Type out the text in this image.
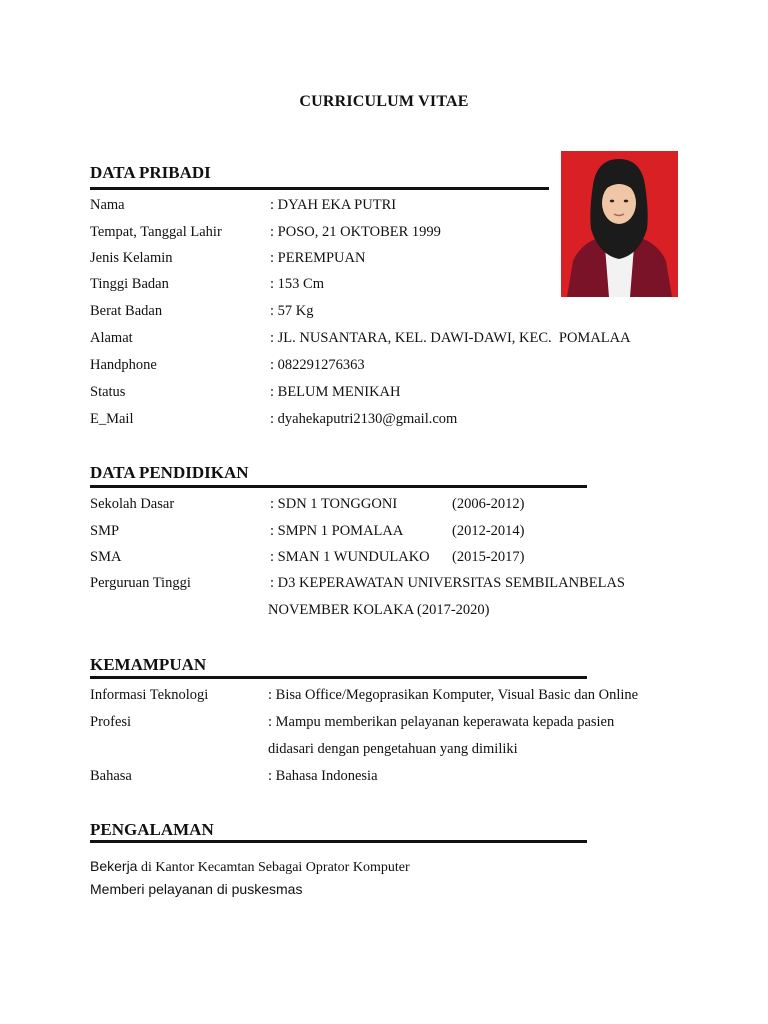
CURRICULUM VITAE
DATA PRIBADI
Nama	: DYAH EKA PUTRI
Tempat, Tanggal Lahir	: POSO, 21 OKTOBER 1999
Jenis Kelamin	: PEREMPUAN
Tinggi Badan	: 153 Cm
Berat Badan	: 57 Kg
Alamat	: JL. NUSANTARA, KEL. DAWI-DAWI, KEC.  POMALAA
Handphone	: 082291276363
Status	: BELUM MENIKAH
E_Mail	: dyahekaputri2130@gmail.com
DATA PENDIDIKAN
Sekolah Dasar	: SDN 1 TONGGONI	(2006-2012)
SMP	: SMPN 1 POMALAA	(2012-2014)
SMA	: SMAN 1 WUNDULAKO (2015-2017)
Perguruan Tinggi	: D3 KEPERAWATAN UNIVERSITAS SEMBILANBELAS
NOVEMBER KOLAKA (2017-2020)
KEMAMPUAN
Informasi Teknologi	: Bisa Office/Megoprasikan Komputer, Visual Basic dan Online
Profesi	: Mampu memberikan pelayanan keperawata kepada pasien
didasari dengan pengetahuan yang dimiliki
Bahasa	: Bahasa Indonesia
PENGALAMAN
Bekerja di Kantor Kecamtan Sebagai Oprator Komputer
Memberi pelayanan di puskesmas
